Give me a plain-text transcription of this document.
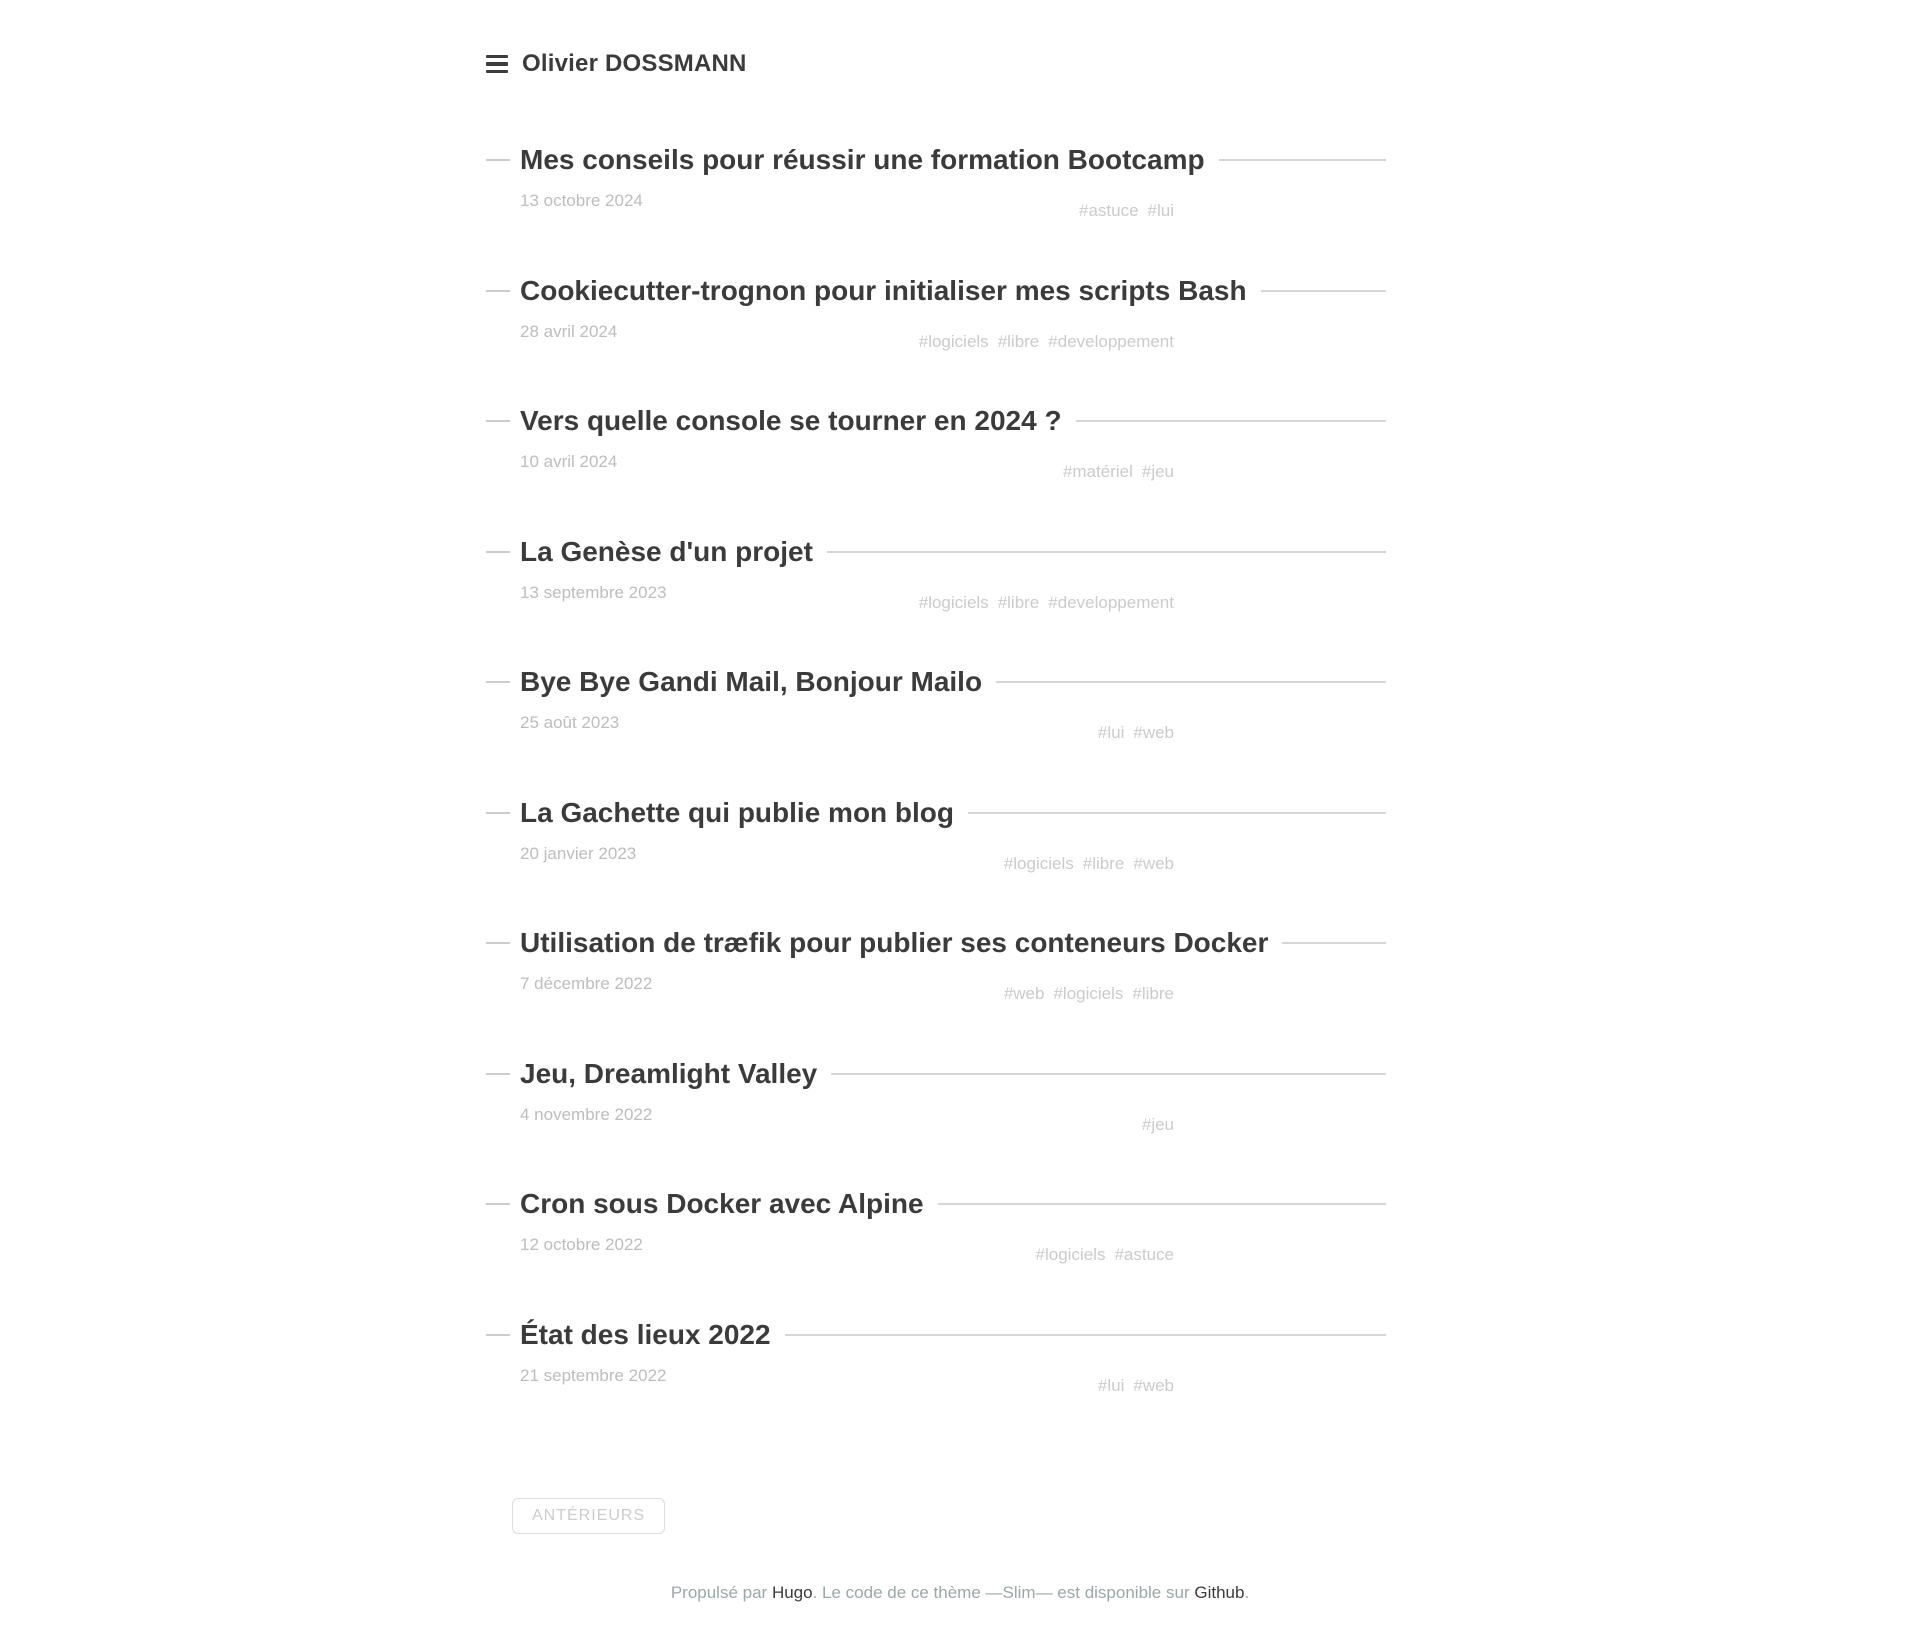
Olivier DOSSMANN
Mes conseils pour réussir une formation Bootcamp
13 octobre 2024
#astuce #lui
Cookiecutter-trognon pour initialiser mes scripts Bash
28 avril 2024
#logiciels #libre #developpement
Vers quelle console se tourner en 2024 ?
10 avril 2024
#matériel #jeu
La Genèse d'un projet
13 septembre 2023
#logiciels #libre #developpement
Bye Bye Gandi Mail, Bonjour Mailo
25 août 2023
#lui #web
La Gachette qui publie mon blog
20 janvier 2023
#logiciels #libre #web
Utilisation de træfik pour publier ses conteneurs Docker
7 décembre 2022
#web #logiciels #libre
Jeu, Dreamlight Valley
4 novembre 2022
#jeu
Cron sous Docker avec Alpine
12 octobre 2022
#logiciels #astuce
État des lieux 2022
21 septembre 2022
#lui #web
ANTÉRIEURS
Propulsé par Hugo. Le code de ce thème —Slim— est disponible sur Github.
